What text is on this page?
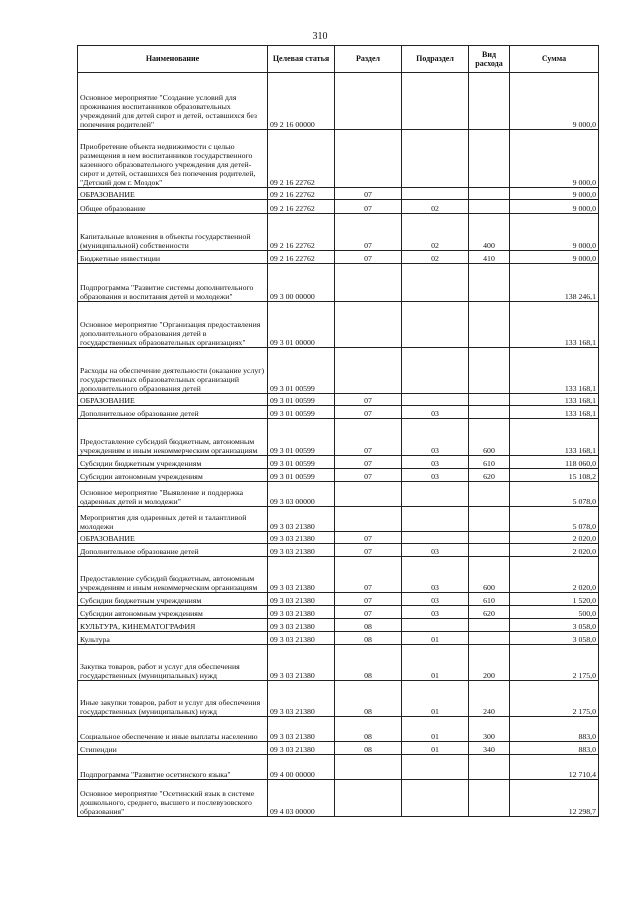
310
Наименование	Целевая статья	Раздел	Подраздел	Вид расхода	Сумма
Основное мероприятие "Создание условий для проживания воспитанников образовательных учреждений для детей сирот и детей, оставшихся без попечения родителей"	09 2 16 00000				9 000,0
Приобретение объекта недвижимости с целью размещения в нем воспитанников государственного казенного образовательного учреждения для детей-сирот и детей, оставшихся без попечения родителей, "Детский дом г. Моздок"	09 2 16 22762				9 000,0
ОБРАЗОВАНИЕ	09 2 16 22762	07			9 000,0
Общее образование	09 2 16 22762	07	02		9 000,0
Капитальные вложения в объекты государственной (муниципальной) собственности	09 2 16 22762	07	02	400	9 000,0
Бюджетные инвестиции	09 2 16 22762	07	02	410	9 000,0
Подпрограмма "Развитие системы дополнительного образования и воспитания детей и молодежи"	09 3 00 00000				138 246,1
Основное мероприятие "Организация предоставления дополнительного образования детей в государственных образовательных организациях"	09 3 01 00000				133 168,1
Расходы на обеспечение деятельности (оказание услуг) государственных образовательных организаций дополнительного образования детей	09 3 01 00599				133 168,1
ОБРАЗОВАНИЕ	09 3 01 00599	07			133 168,1
Дополнительное образование детей	09 3 01 00599	07	03		133 168,1
Предоставление субсидий бюджетным, автономным учреждениям и иным некоммерческим организациям	09 3 01 00599	07	03	600	133 168,1
Субсидии бюджетным учреждениям	09 3 01 00599	07	03	610	118 060,0
Субсидии автономным учреждениям	09 3 01 00599	07	03	620	15 108,2
Основное мероприятие "Выявление и поддержка одаренных детей и молодежи"	09 3 03 00000				5 078,0
Мероприятия для одаренных детей и талантливой молодежи	09 3 03 21380				5 078,0
ОБРАЗОВАНИЕ	09 3 03 21380	07			2 020,0
Дополнительное образование детей	09 3 03 21380	07	03		2 020,0
Предоставление субсидий бюджетным, автономным учреждениям и иным некоммерческим организациям	09 3 03 21380	07	03	600	2 020,0
Субсидии бюджетным учреждениям	09 3 03 21380	07	03	610	1 520,0
Субсидии автономным учреждениям	09 3 03 21380	07	03	620	500,0
КУЛЬТУРА, КИНЕМАТОГРАФИЯ	09 3 03 21380	08			3 058,0
Культура	09 3 03 21380	08	01		3 058,0
Закупка товаров, работ и услуг для обеспечения государственных (муниципальных) нужд	09 3 03 21380	08	01	200	2 175,0
Иные закупки товаров, работ и услуг для обеспечения государственных (муниципальных) нужд	09 3 03 21380	08	01	240	2 175,0
Социальное обеспечение и иные выплаты населению	09 3 03 21380	08	01	300	883,0
Стипендии	09 3 03 21380	08	01	340	883,0
Подпрограмма "Развитие осетинского языка"	09 4 00 00000				12 710,4
Основное мероприятие "Осетинский язык в системе дошкольного, среднего, высшего и послевузовского образования"	09 4 03 00000				12 298,7
